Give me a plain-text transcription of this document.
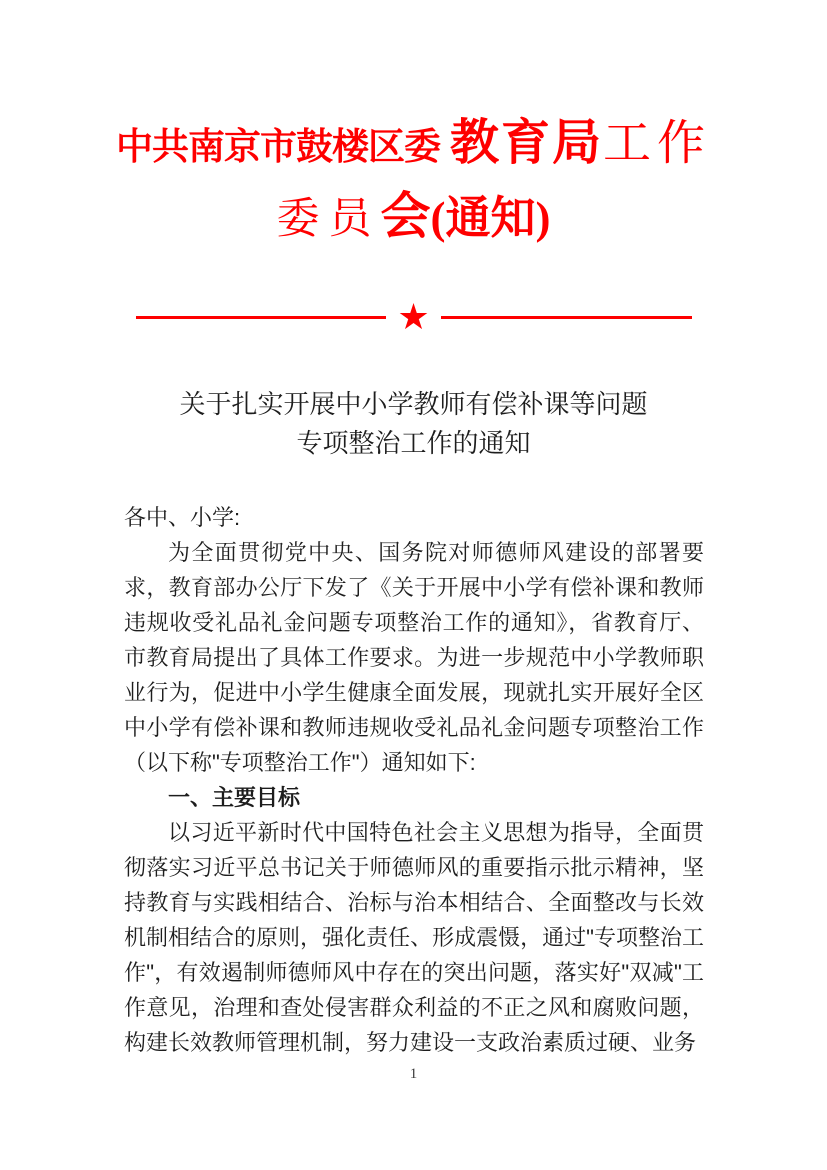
中共南京市鼓楼区委 教育局工作
委员会(通知)
★
关于扎实开展中小学教师有偿补课等问题
专项整治工作的通知

各中、小学:

为全面贯彻党中央、国务院对师德师风建设的部署要求，教育部办公厅下发了《关于开展中小学有偿补课和教师违规收受礼品礼金问题专项整治工作的通知》，省教育厅、市教育局提出了具体工作要求。为进一步规范中小学教师职业行为，促进中小学生健康全面发展，现就扎实开展好全区中小学有偿补课和教师违规收受礼品礼金问题专项整治工作（以下称"专项整治工作"）通知如下:

一、主要目标

以习近平新时代中国特色社会主义思想为指导，全面贯彻落实习近平总书记关于师德师风的重要指示批示精神，坚持教育与实践相结合、治标与治本相结合、全面整改与长效机制相结合的原则，强化责任、形成震慑，通过"专项整治工作"，有效遏制师德师风中存在的突出问题，落实好"双减"工作意见，治理和查处侵害群众利益的不正之风和腐败问题，构建长效教师管理机制，努力建设一支政治素质过硬、业务

1
